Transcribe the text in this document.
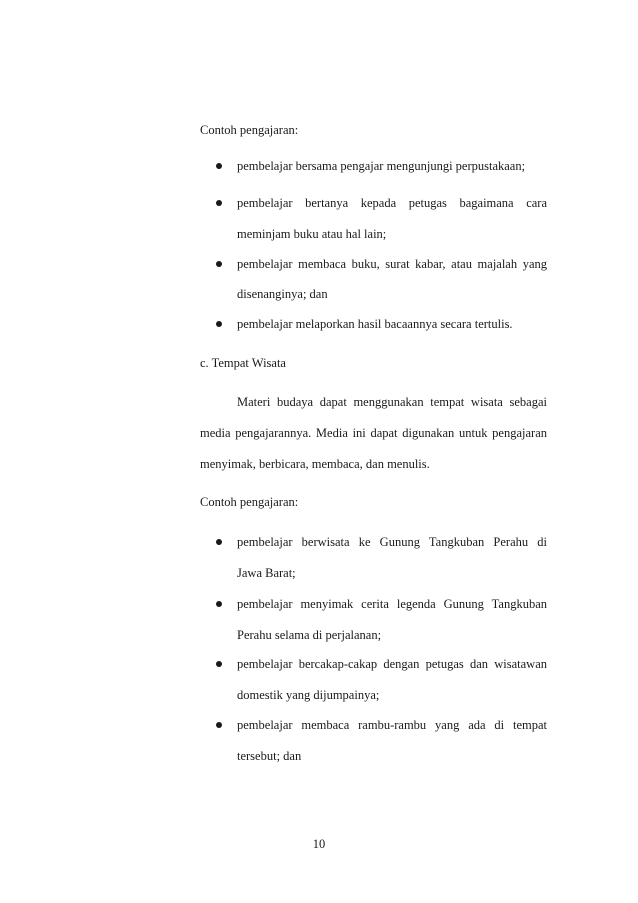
Contoh pengajaran:
pembelajar bersama pengajar mengunjungi perpustakaan;
pembelajar bertanya kepada petugas bagaimana cara
meminjam buku atau hal lain;
pembelajar membaca buku, surat kabar, atau majalah yang
disenanginya; dan
pembelajar melaporkan hasil bacaannya secara tertulis.
c. Tempat Wisata
Materi budaya dapat menggunakan tempat wisata sebagai
media pengajarannya. Media ini dapat digunakan untuk pengajaran
menyimak, berbicara, membaca, dan menulis.
Contoh pengajaran:
pembelajar berwisata ke Gunung Tangkuban Perahu di
Jawa Barat;
pembelajar menyimak cerita legenda Gunung Tangkuban
Perahu selama di perjalanan;
pembelajar bercakap-cakap dengan petugas dan wisatawan
domestik yang dijumpainya;
pembelajar membaca rambu-rambu yang ada di tempat
tersebut; dan
10
